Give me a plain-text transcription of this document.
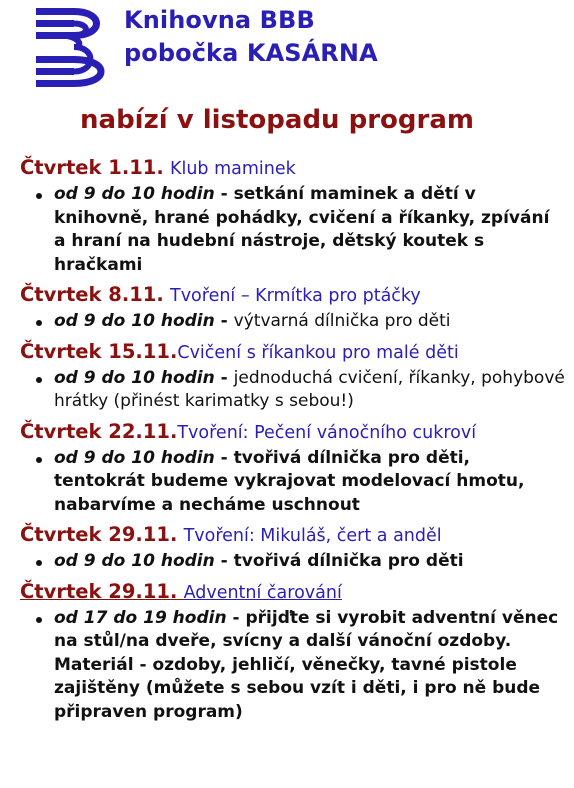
Knihovna BBB
pobočka KASÁRNA
nabízí v listopadu program
Čtvrtek 1.11. Klub maminek
od 9 do 10 hodin - setkání maminek a dětí v knihovně, hrané pohádky, cvičení a říkanky, zpívání a hraní na hudební nástroje, dětský koutek s hračkami
Čtvrtek 8.11. Tvoření – Krmítka pro ptáčky
od 9 do 10 hodin - výtvarná dílnička pro děti
Čtvrtek 15.11.Cvičení s říkankou pro malé děti
od 9 do 10 hodin - jednoduchá cvičení, říkanky, pohybové hrátky (přinést karimatky s sebou!)
Čtvrtek 22.11.Tvoření: Pečení vánočního cukroví
od 9 do 10 hodin - tvořivá dílnička pro děti, tentokrát budeme vykrajovat modelovací hmotu, nabarvíme a necháme uschnout
Čtvrtek 29.11. Tvoření: Mikuláš, čert a anděl
od 9 do 10 hodin - tvořivá dílnička pro děti
Čtvrtek 29.11. Adventní čarování
od 17 do 19 hodin - přijďte si vyrobit adventní věnec na stůl/na dveře, svícny a další vánoční ozdoby. Materiál - ozdoby, jehličí, věnečky, tavné pistole zajištěny (můžete s sebou vzít i děti, i pro ně bude připraven program)
